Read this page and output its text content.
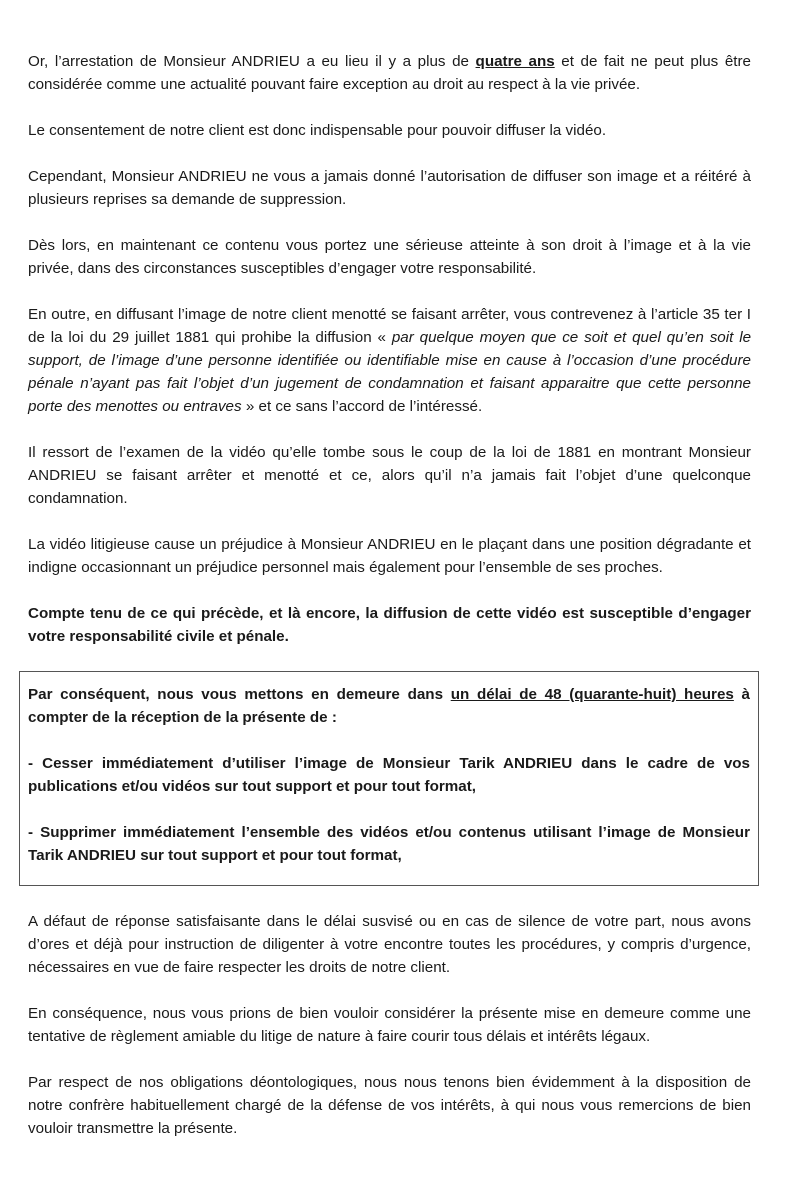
Or, l’arrestation de Monsieur ANDRIEU a eu lieu il y a plus de quatre ans et de fait ne peut plus être considérée comme une actualité pouvant faire exception au droit au respect à la vie privée.

Le consentement de notre client est donc indispensable pour pouvoir diffuser la vidéo.

Cependant, Monsieur ANDRIEU ne vous a jamais donné l’autorisation de diffuser son image et a réitéré à plusieurs reprises sa demande de suppression.

Dès lors, en maintenant ce contenu vous portez une sérieuse atteinte à son droit à l’image et à la vie privée, dans des circonstances susceptibles d’engager votre responsabilité.

En outre, en diffusant l’image de notre client menotté se faisant arrêter, vous contrevenez à l’article 35 ter I de la loi du 29 juillet 1881 qui prohibe la diffusion « par quelque moyen que ce soit et quel qu’en soit le support, de l’image d’une personne identifiée ou identifiable mise en cause à l’occasion d’une procédure pénale n’ayant pas fait l’objet d’un jugement de condamnation et faisant apparaitre que cette personne porte des menottes ou entraves » et ce sans l’accord de l’intéressé.

Il ressort de l’examen de la vidéo qu’elle tombe sous le coup de la loi de 1881 en montrant Monsieur ANDRIEU se faisant arrêter et menotté et ce, alors qu’il n’a jamais fait l’objet d’une quelconque condamnation.

La vidéo litigieuse cause un préjudice à Monsieur ANDRIEU en le plaçant dans une position dégradante et indigne occasionnant un préjudice personnel mais également pour l’ensemble de ses proches.

Compte tenu de ce qui précède, et là encore, la diffusion de cette vidéo est susceptible d’engager votre responsabilité civile et pénale.

Par conséquent, nous vous mettons en demeure dans un délai de 48 (quarante-huit) heures à compter de la réception de la présente de :

- Cesser immédiatement d’utiliser l’image de Monsieur Tarik ANDRIEU dans le cadre de vos publications et/ou vidéos sur tout support et pour tout format,

- Supprimer immédiatement l’ensemble des vidéos et/ou contenus utilisant l’image de Monsieur Tarik ANDRIEU sur tout support et pour tout format,

A défaut de réponse satisfaisante dans le délai susvisé ou en cas de silence de votre part, nous avons d’ores et déjà pour instruction de diligenter à votre encontre toutes les procédures, y compris d’urgence, nécessaires en vue de faire respecter les droits de notre client.

En conséquence, nous vous prions de bien vouloir considérer la présente mise en demeure comme une tentative de règlement amiable du litige de nature à faire courir tous délais et intérêts légaux.

Par respect de nos obligations déontologiques, nous nous tenons bien évidemment à la disposition de notre confrère habituellement chargé de la défense de vos intérêts, à qui nous vous remercions de bien vouloir transmettre la présente.
